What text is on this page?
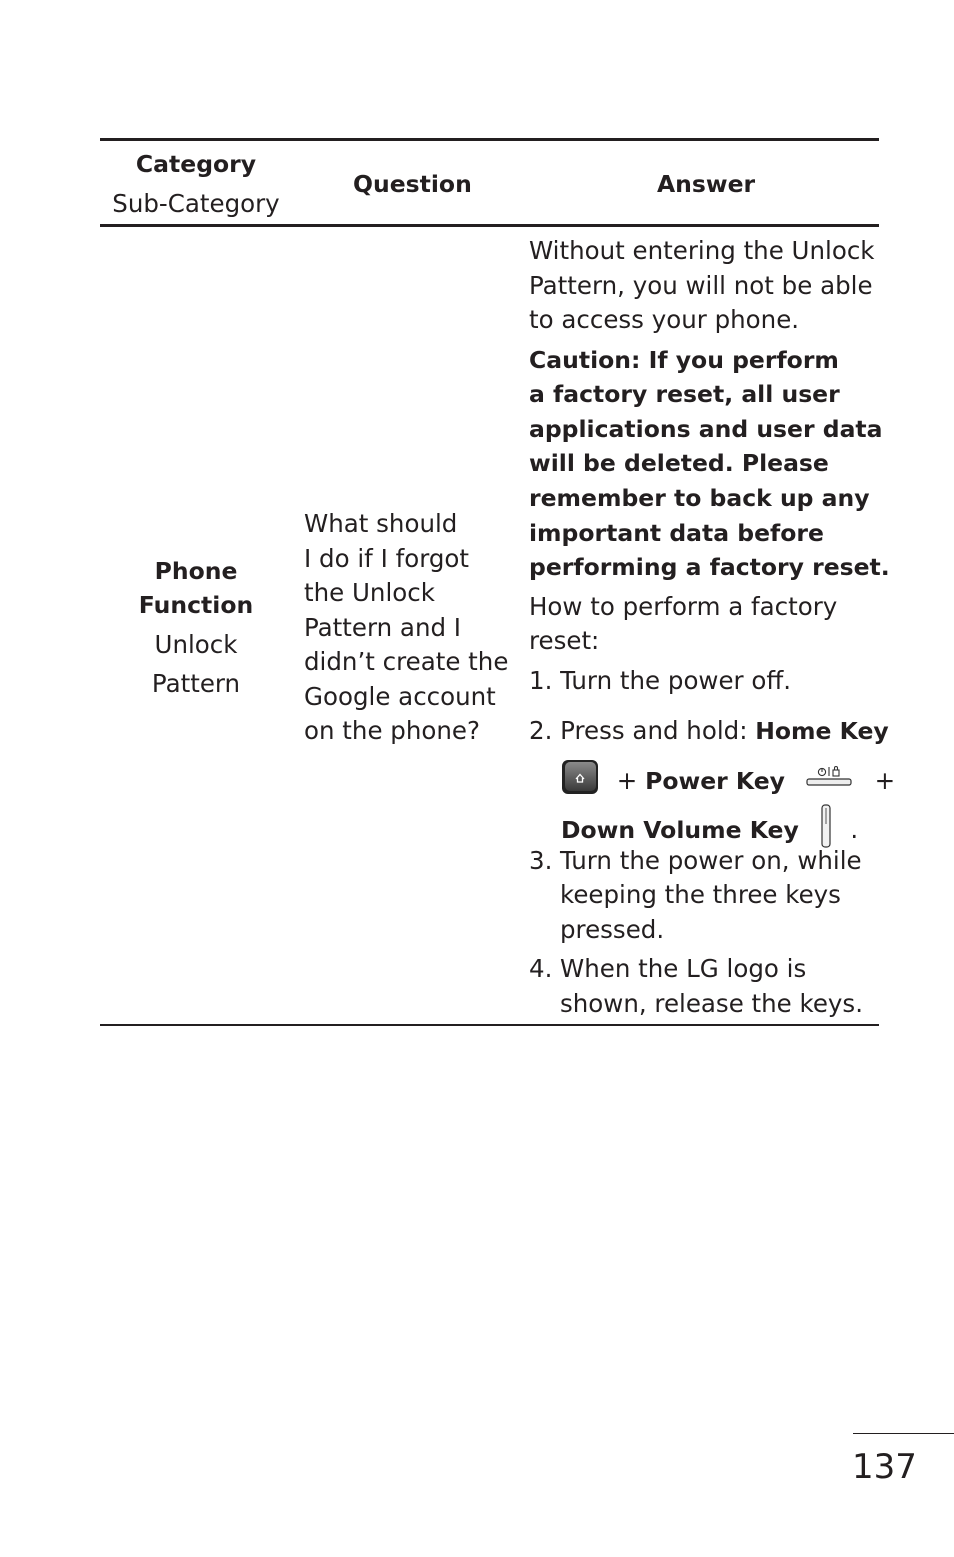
Category
Sub-Category
Question	Answer
Phone
Function
Unlock
Pattern
What should
I do if I forgot
the Unlock
Pattern and I
didn’t create the
Google account
on the phone?
Without entering the Unlock
Pattern, you will not be able
to access your phone.
Caution: If you perform
a factory reset, all user
applications and user data
will be deleted. Please
remember to back up any
important data before
performing a factory reset.
How to perform a factory
reset:
1. Turn the power off.
2. Press and hold: Home Key
+ Power Key	+
Down Volume Key .
3. Turn the power on, while
keeping the three keys
pressed.
4. When the LG logo is
shown, release the keys.
137
